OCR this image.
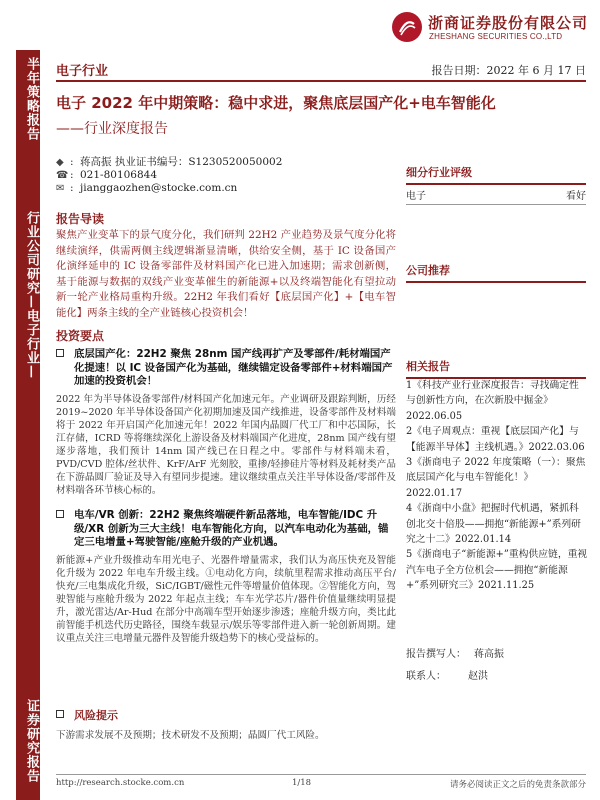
半年策略报告
行业公司研究—电子行业—
证券研究报告
浙商证券股份有限公司
ZHESHANG SECURITIES CO.,LTD
电子行业	报告日期：2022 年 6 月 17 日
电子 2022 年中期策略：稳中求进，聚焦底层国产化+电车智能化
——行业深度报告
◆ : 蒋高振 执业证书编号：S1230520050002
☎ : 021-80106844
✉ : jianggaozhen@stocke.com.cn
报告导读
聚焦产业变革下的景气度分化，我们研判 22H2 产业趋势及景气度分化将继续演绎，供需两侧主线逻辑渐显清晰，供给安全侧，基于 IC 设备国产化演绎延申的 IC 设备零部件及材料国产化已进入加速期；需求创新侧，基于能源与数据的双线产业变革催生的新能源+以及终端智能化有望拉动新一轮产业格局重构升级。22H2 年我们看好【底层国产化】+【电车智能化】两条主线的全产业链核心投资机会！
投资要点
底层国产化：22H2 聚焦 28nm 国产线再扩产及零部件/耗材端国产化提速！以 IC 设备国产化为基础，继续锚定设备零部件+材料端国产加速的投资机会！
2022 年为半导体设备零部件/材料国产化加速元年。产业调研及跟踪判断，历经 2019~2020 年半导体设备国产化初期加速及国产线推进，设备零部件及材料端将于 2022 年开启国产化加速元年！2022 年国内晶圆厂代工厂和中芯国际，长江存储，ICRD 等将继续深化上游设备及材料端国产化进度，28nm 国产线有望逐步落地，我们预计 14nm 国产线已在日程之中。零部件与材料端未看，PVD/CVD 腔体/丝状件、KrF/ArF 光刻胶，重掺/轻掺硅片等材料及耗材类产品在下游晶圆厂验证及导入有望同步提速。建议继续重点关注半导体设备/零部件及材料端各环节核心标的。
电车/VR 创新：22H2 聚焦终端硬件新品落地，电车智能/IDC 升级/XR 创新为三大主线！电车智能化方向，以汽车电动化为基础，锚定三电增量+驾驶智能/座舱升级的产业机遇。
新能源+产业升级推动车用光电子、光器件增量需求，我们认为高压快充及智能化升级为 2022 年电车升级主线。①电动化方向，续航里程需求推动高压平台/快充/三电集成化升级，SiC/IGBT/磁性元件等增量价值体现。②智能化方向，驾驶智能与座舱升级为 2022 年起点主线；车车光学芯片/器件价值量继续明显提升，激光雷达/Ar-Hud 在部分中高端车型开始逐步渗透；座舱升级方向，类比此前智能手机迭代历史路径，围绕车载显示/娱乐等零部件进入新一轮创新周期。建议重点关注三电增量元器件及智能升级趋势下的核心受益标的。
风险提示
下游需求发展不及预期；技术研发不及预期；晶圆厂代工风险。
细分行业评级
电子	看好
公司推荐
相关报告

1《科技产业行业深度报告：寻找确定性与创新性方向，在次新股中掘金》2022.06.05

2《电子周观点：重视【底层国产化】与【能源半导体】主线机遇。》2022.03.06

3《浙商电子 2022 年度策略（一）：聚焦底层国产化与电车智能化！》2022.01.17

4《浙商中小盘》把握时代机遇，紧抓科创北交十倍股——拥抱“新能源+”系列研究之十二》2022.01.14

5《浙商电子“新能源+”重构供应链，重视汽车电子全方位机会——拥抱“新能源+”系列研究三》2021.11.25

报告撰写人： 蒋高振
联系人： 赵洪
http://research.stocke.com.cn	1/18	请务必阅读正文之后的免责条款部分
